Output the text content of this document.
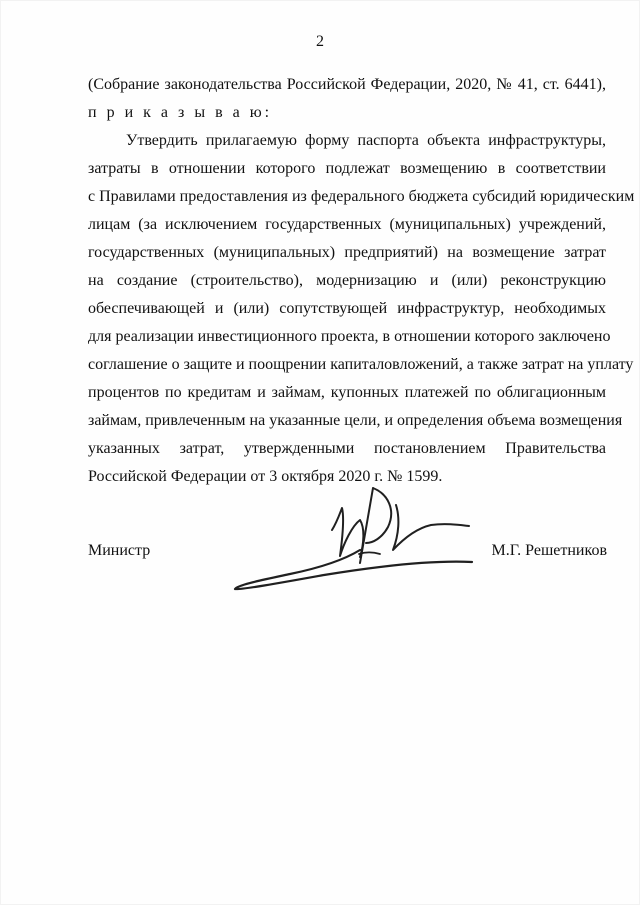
2
(Собрание законодательства Российской Федерации, 2020, № 41, ст. 6441),
п р и к а з ы в а ю:
Утвердить прилагаемую форму паспорта объекта инфраструктуры,
затраты в отношении которого подлежат возмещению в соответствии
с Правилами предоставления из федерального бюджета субсидий юридическим
лицам (за исключением государственных (муниципальных) учреждений,
государственных (муниципальных) предприятий) на возмещение затрат
на создание (строительство), модернизацию и (или) реконструкцию
обеспечивающей и (или) сопутствующей инфраструктур, необходимых
для реализации инвестиционного проекта, в отношении которого заключено
соглашение о защите и поощрении капиталовложений, а также затрат на уплату
процентов по кредитам и займам, купонных платежей по облигационным
займам, привлеченным на указанные цели, и определения объема возмещения
указанных затрат, утвержденными постановлением Правительства
Российской Федерации от 3 октября 2020 г. № 1599.
Министр	М.Г. Решетников
